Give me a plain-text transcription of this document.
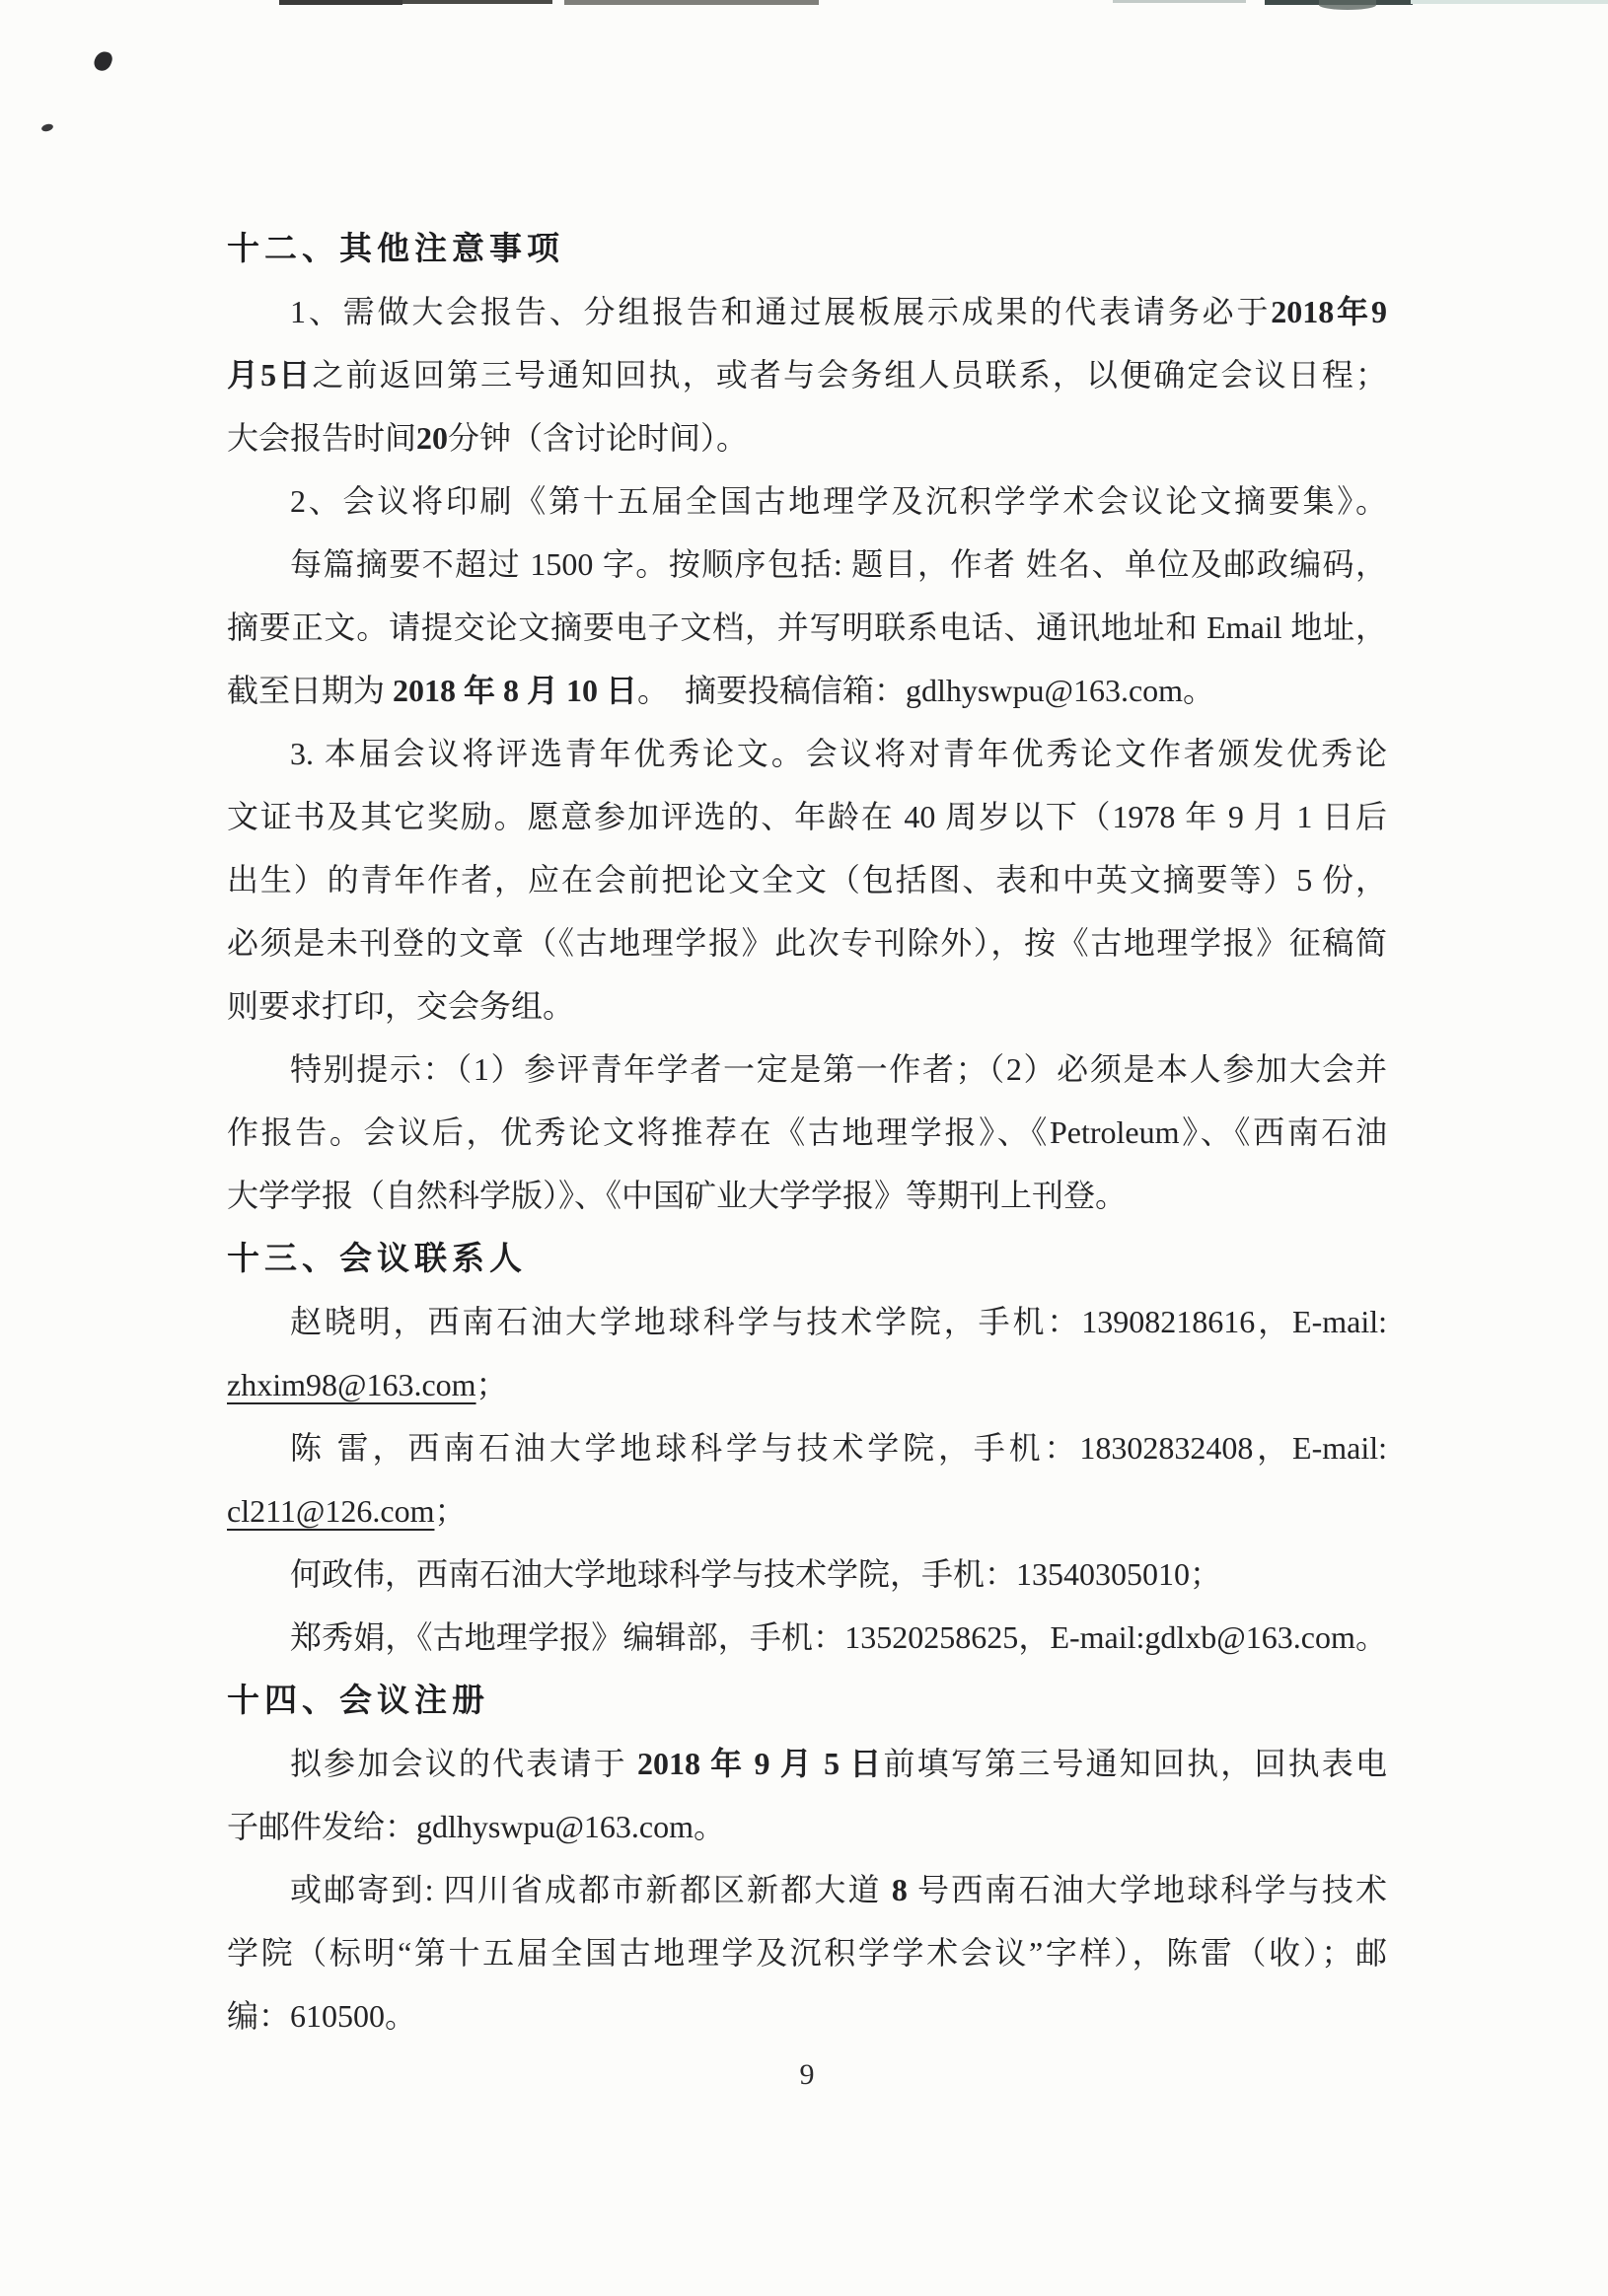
十二、其他注意事项
1、需做大会报告、分组报告和通过展板展示成果的代表请务必于2018年9
月5日之前返回第三号通知回执，或者与会务组人员联系，以便确定会议日程；
大会报告时间20分钟（含讨论时间）。
2、会议将印刷《第十五届全国古地理学及沉积学学术会议论文摘要集》。
每篇摘要不超过 1500 字。按顺序包括: 题目，作者 姓名、单位及邮政编码，
摘要正文。请提交论文摘要电子文档，并写明联系电话、通讯地址和 Email 地址，
截至日期为 2018 年 8 月 10 日。　摘要投稿信箱：gdlhyswpu@163.com。
3. 本届会议将评选青年优秀论文。会议将对青年优秀论文作者颁发优秀论
文证书及其它奖励。愿意参加评选的、年龄在 40 周岁以下（1978 年 9 月 1 日后
出生）的青年作者，应在会前把论文全文（包括图、表和中英文摘要等）5 份，
必须是未刊登的文章（《古地理学报》此次专刊除外），按《古地理学报》征稿简
则要求打印，交会务组。
特别提示：（1）参评青年学者一定是第一作者；（2）必须是本人参加大会并
作报告。会议后，优秀论文将推荐在《古地理学报》、《Petroleum》、《西南石油
大学学报（自然科学版）》、《中国矿业大学学报》等期刊上刊登。
十三、会议联系人
赵晓明，西南石油大学地球科学与技术学院，手机：13908218616，E-mail:
zhxim98@163.com；
陈 雷，西南石油大学地球科学与技术学院，手机：18302832408，E-mail:
cl211@126.com；
何政伟，西南石油大学地球科学与技术学院，手机：13540305010；
郑秀娟，《古地理学报》编辑部，手机：13520258625，E-mail:gdlxb@163.com。
十四、会议注册
拟参加会议的代表请于 2018 年 9 月 5 日前填写第三号通知回执，回执表电
子邮件发给：gdlhyswpu@163.com。
或邮寄到: 四川省成都市新都区新都大道 8 号西南石油大学地球科学与技术
学院（标明“第十五届全国古地理学及沉积学学术会议”字样），陈雷（收）；邮
编：610500。
9
